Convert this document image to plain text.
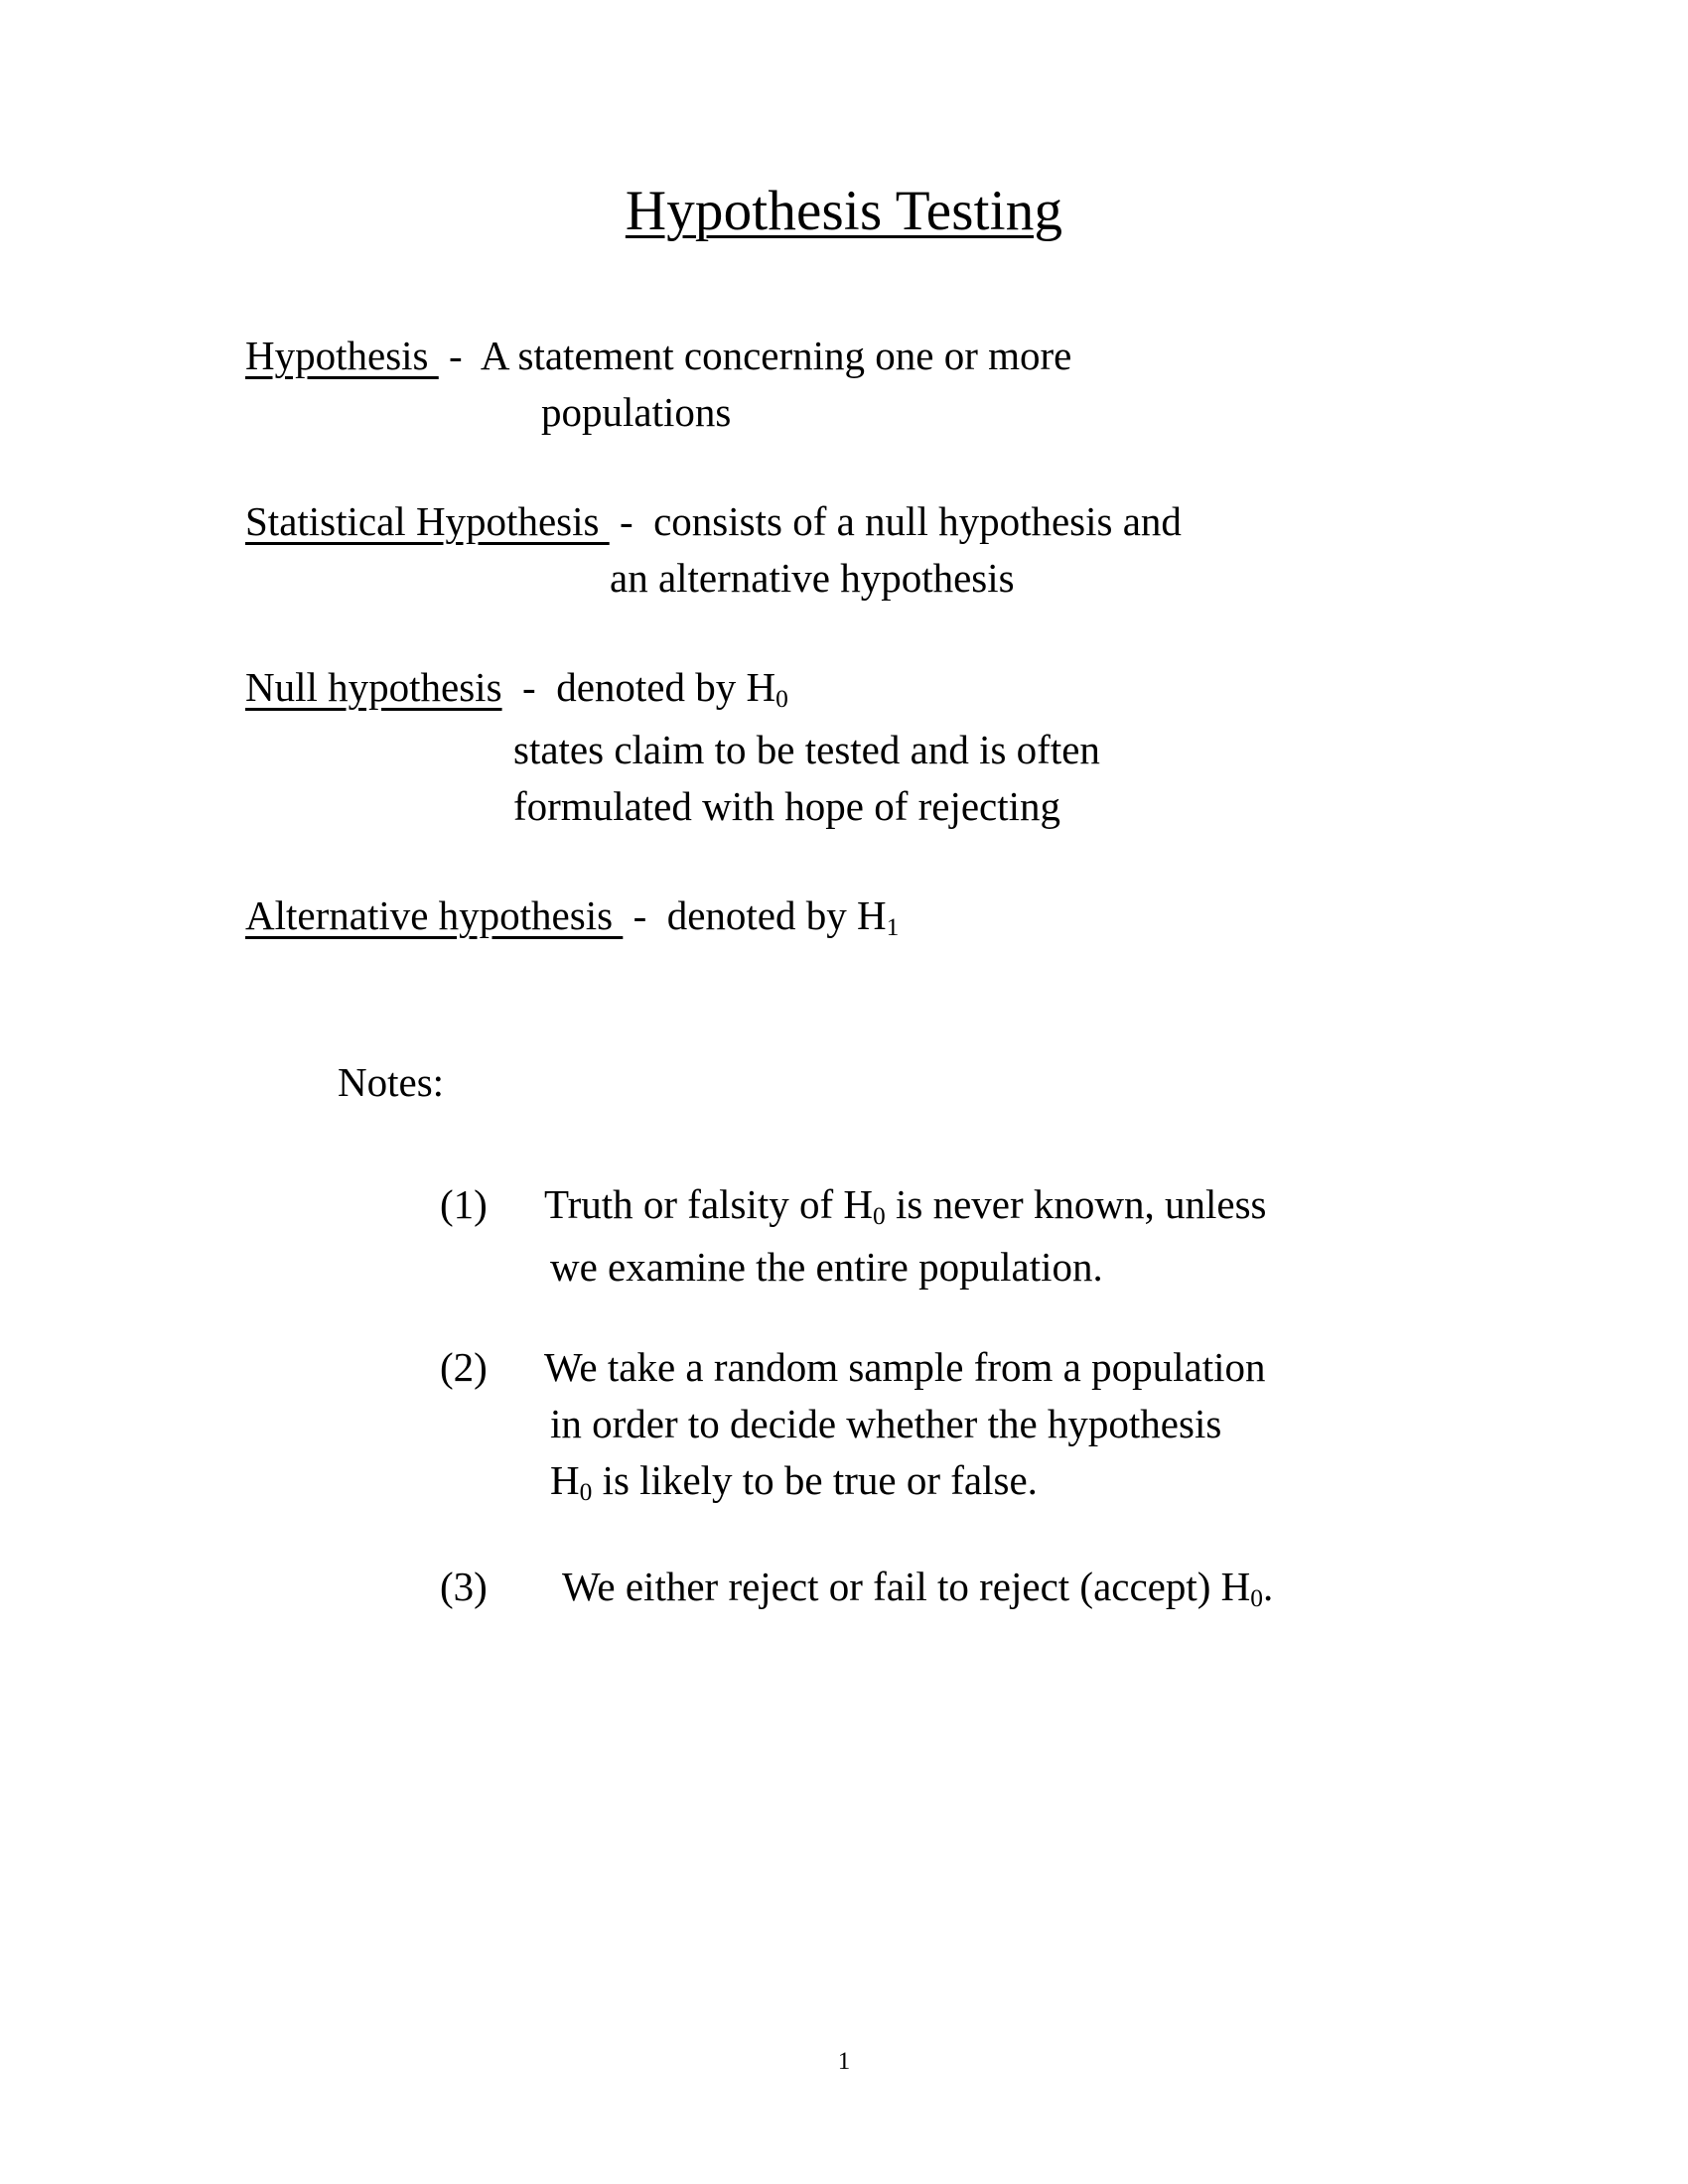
Hypothesis Testing
Hypothesis  -  A statement concerning one or more
populations
Statistical Hypothesis  -  consists of a null hypothesis and
an alternative hypothesis
Null hypothesis  -  denoted by $H_0$
states claim to be tested and is often
formulated with hope of rejecting
Alternative hypothesis  -  denoted by $H_1$
Notes:
(1)	Truth or falsity of $H_0$ is never known, unless
we examine the entire population.
(2)	We take a random sample from a population
in order to decide whether the hypothesis
$H_0$ is likely to be true or false.
(3)	We either reject or fail to reject (accept) $H_0$.
1
